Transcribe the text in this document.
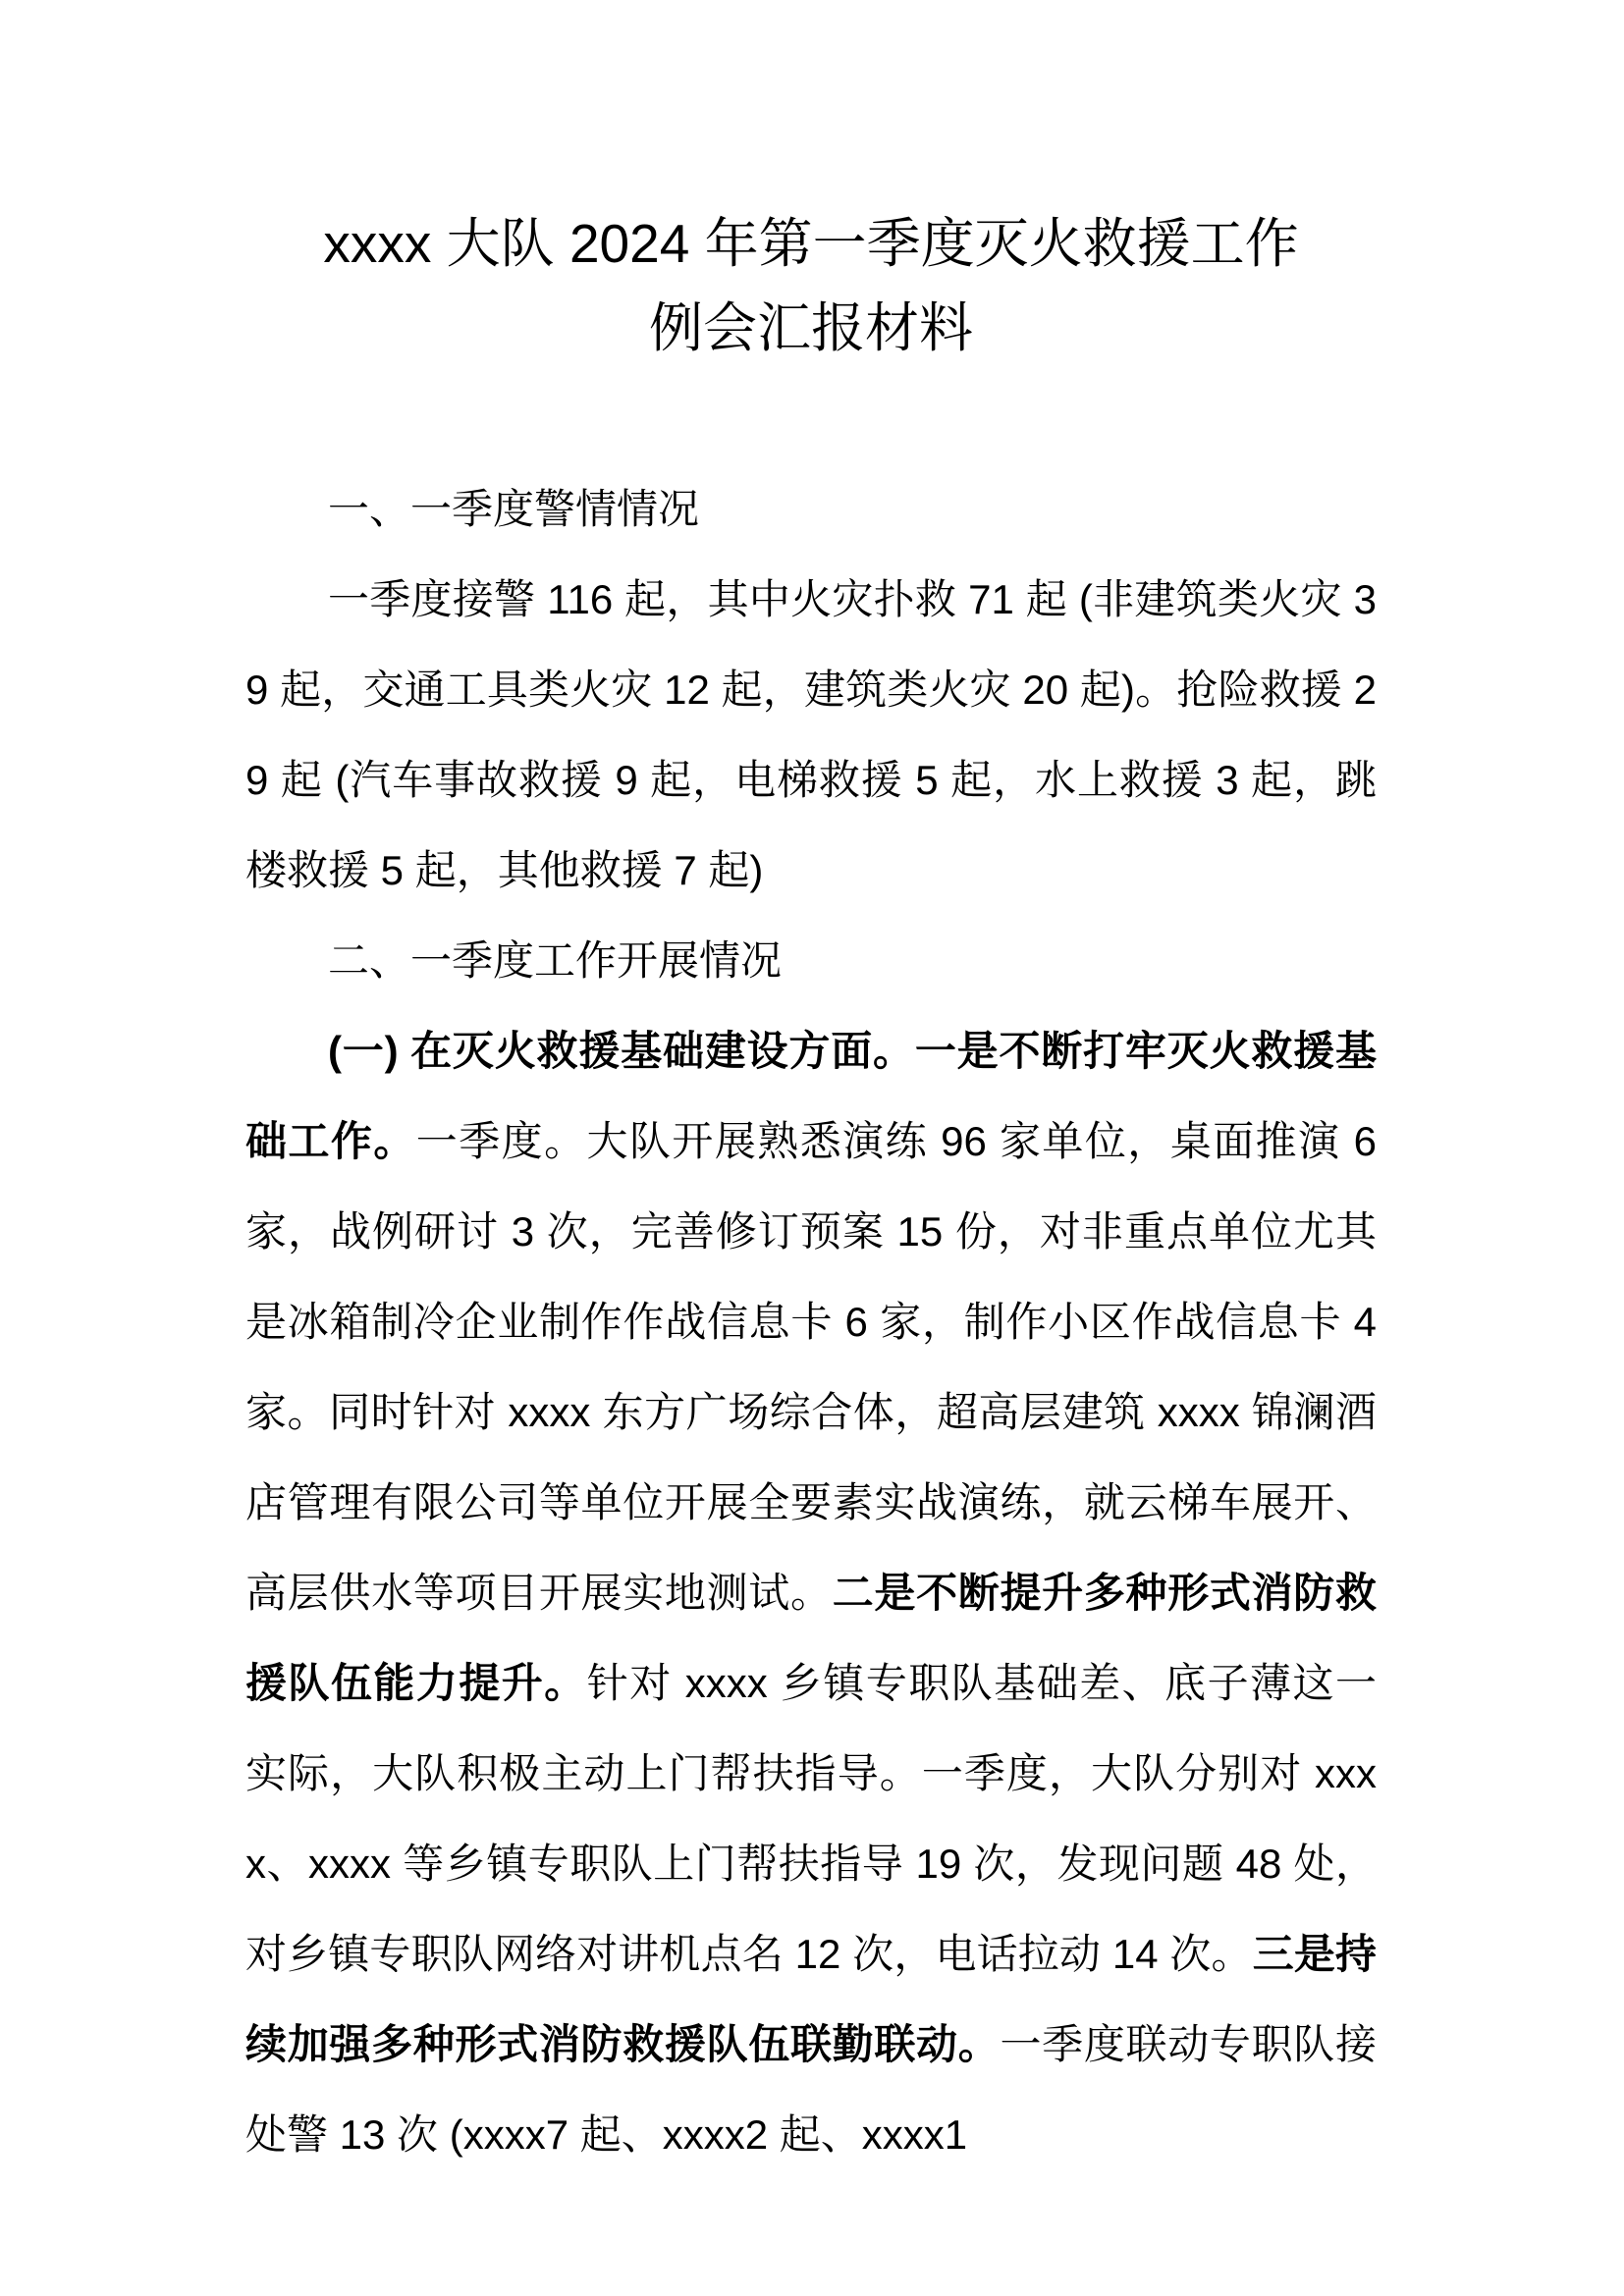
xxxx 大队 2024 年第一季度灭火救援工作例会汇报材料

一、一季度警情情况

一季度接警 116 起，其中火灾扑救 71 起 (非建筑类火灾 39 起，交通工具类火灾 12 起，建筑类火灾 20 起)。抢险救援 29 起 (汽车事故救援 9 起，电梯救援 5 起，水上救援 3 起，跳楼救援 5 起，其他救援 7 起)

二、一季度工作开展情况

(一) 在灭火救援基础建设方面。一是不断打牢灭火救援基础工作。一季度。大队开展熟悉演练 96 家单位，桌面推演 6 家，战例研讨 3 次，完善修订预案 15 份，对非重点单位尤其是冰箱制冷企业制作作战信息卡 6 家，制作小区作战信息卡 4 家。同时针对 xxxx 东方广场综合体，超高层建筑 xxxx 锦澜酒店管理有限公司等单位开展全要素实战演练，就云梯车展开、高层供水等项目开展实地测试。二是不断提升多种形式消防救援队伍能力提升。针对 xxxx 乡镇专职队基础差、底子薄这一实际，大队积极主动上门帮扶指导。一季度，大队分别对 xxxx、xxxx 等乡镇专职队上门帮扶指导 19 次，发现问题 48 处，对乡镇专职队网络对讲机点名 12 次，电话拉动 14 次。三是持续加强多种形式消防救援队伍联勤联动。一季度联动专职队接处警 13 次 (xxxx7 起、xxxx2 起、xxxx1
